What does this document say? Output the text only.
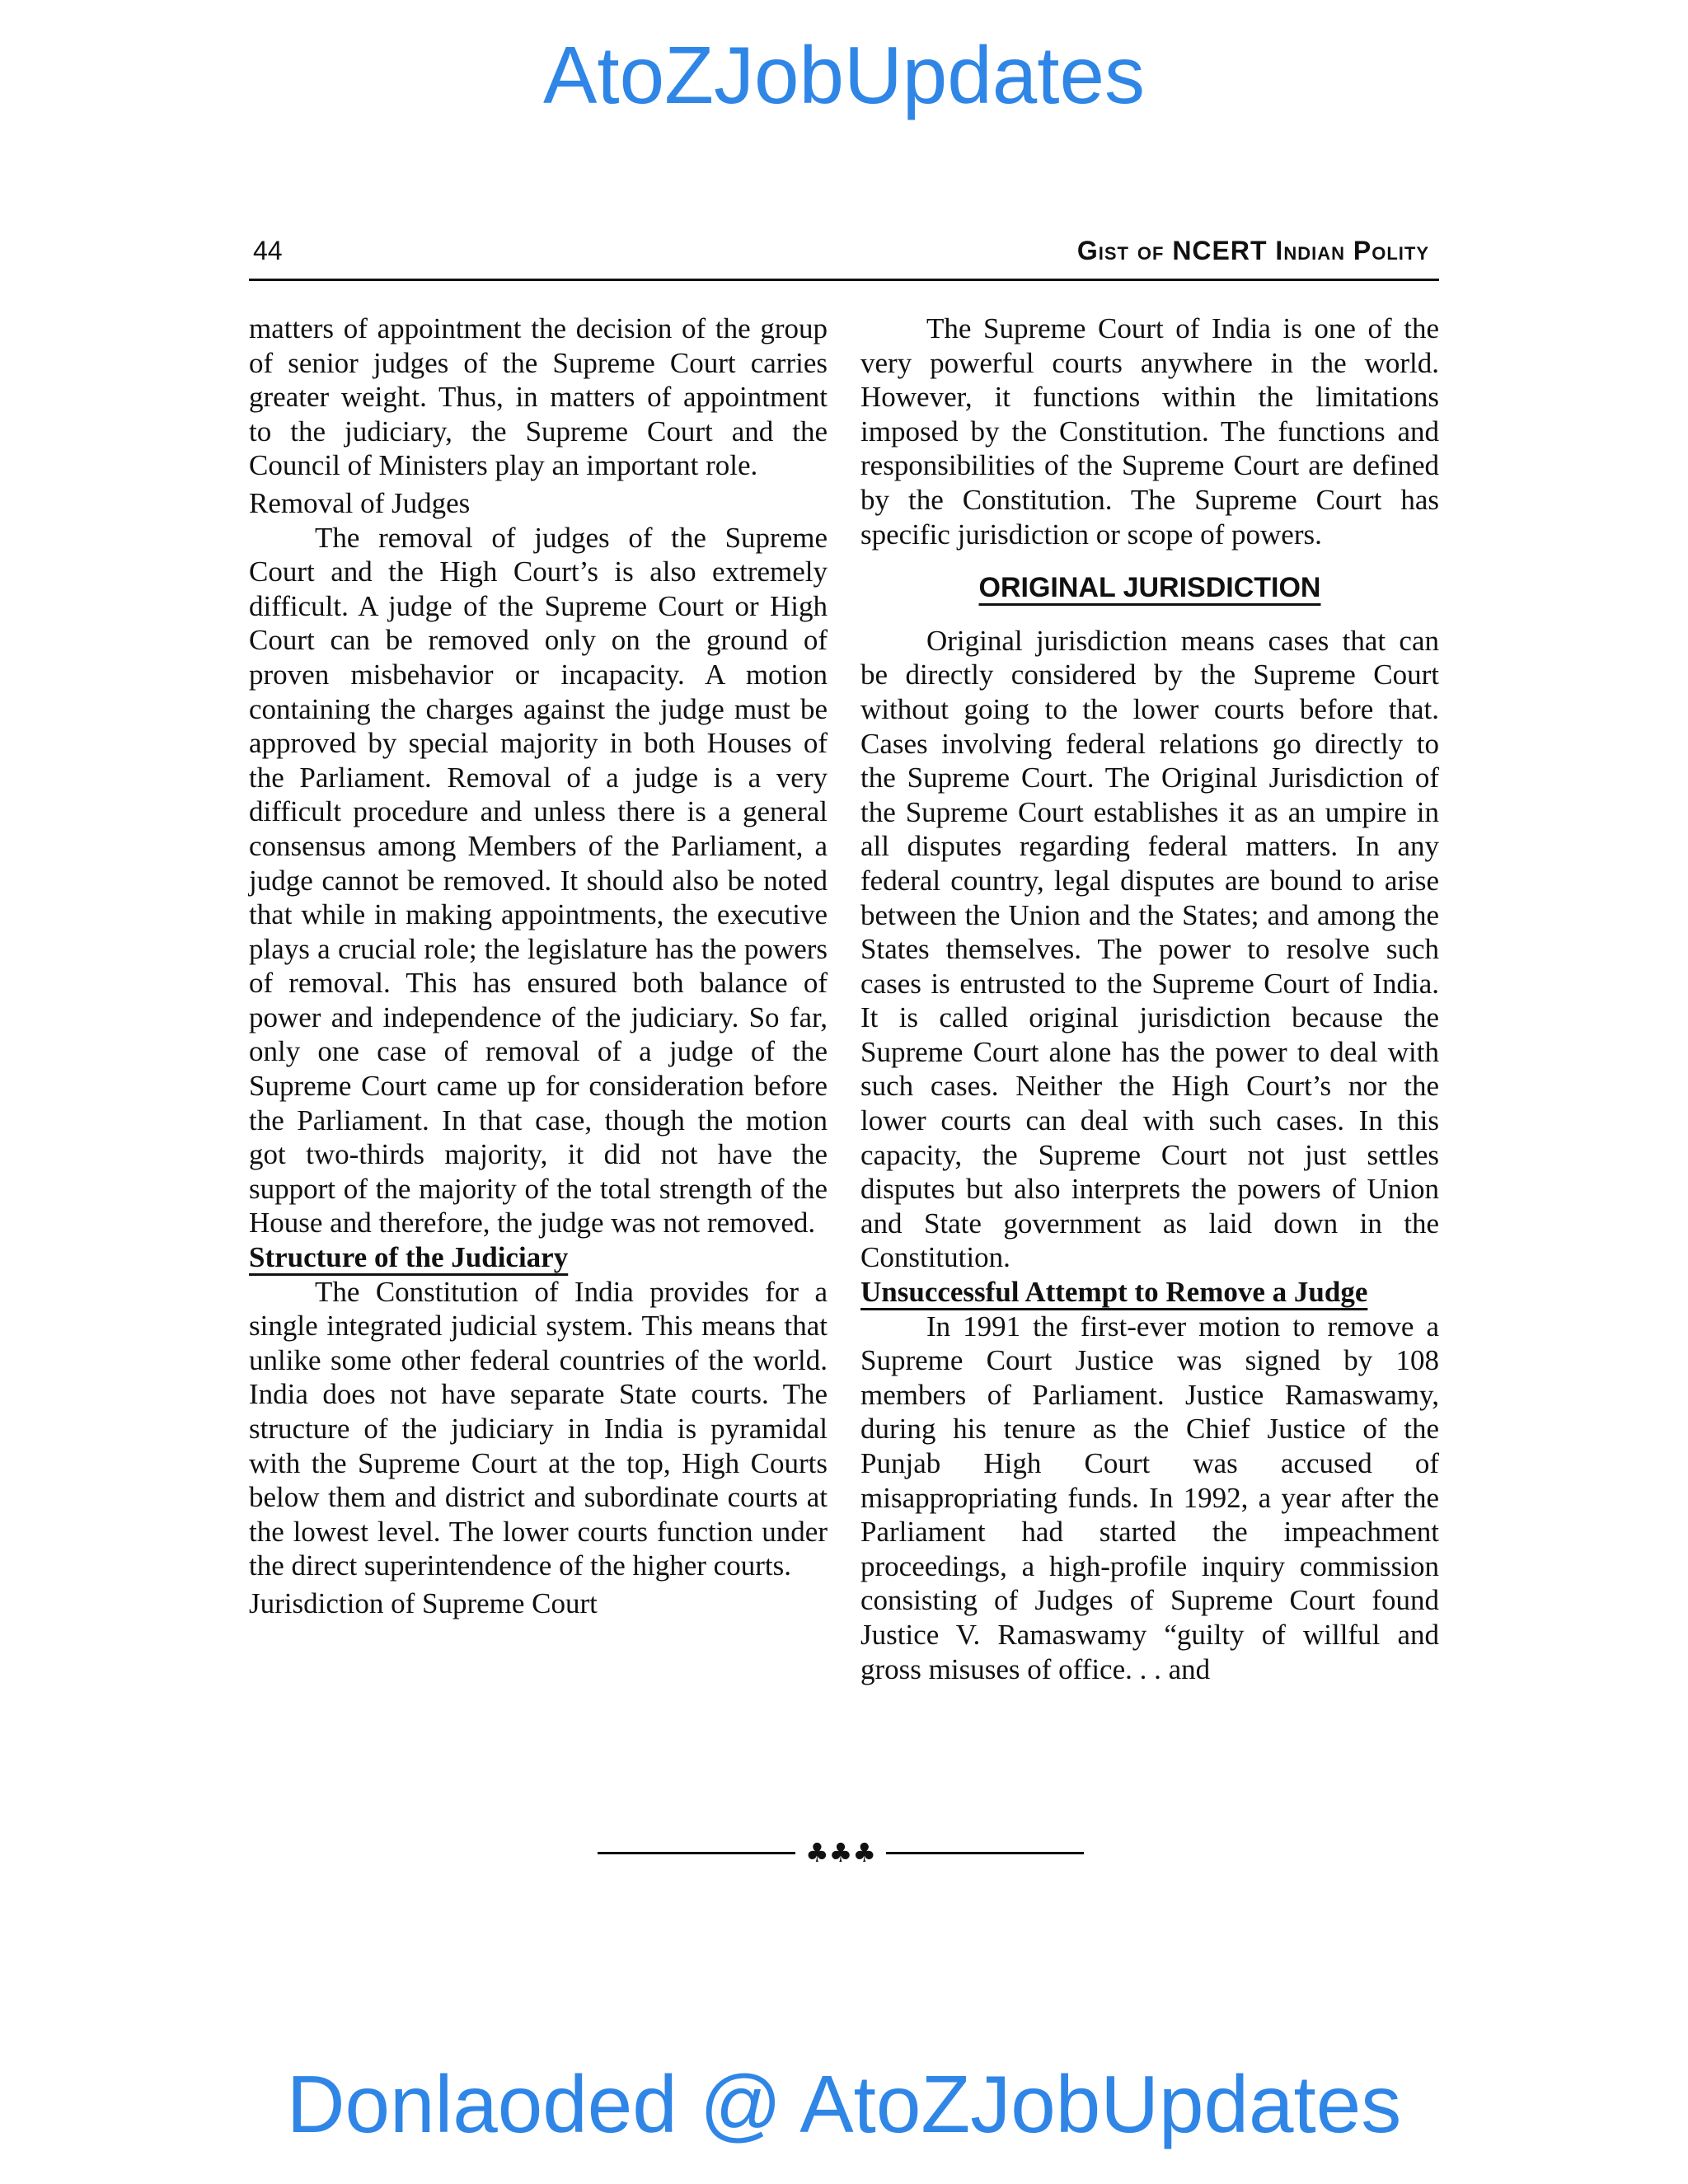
AtoZJobUpdates
44	Gist of NCERT Indian Polity

matters of appointment the decision of the group of senior judges of the Supreme Court carries greater weight. Thus, in matters of appointment to the judiciary, the Supreme Court and the Council of Ministers play an important role.

Removal of Judges

The removal of judges of the Supreme Court and the High Court’s is also extremely difficult. A judge of the Supreme Court or High Court can be removed only on the ground of proven misbehavior or incapacity. A motion containing the charges against the judge must be approved by special majority in both Houses of the Parliament. Removal of a judge is a very difficult procedure and unless there is a general consensus among Members of the Parliament, a judge cannot be removed. It should also be noted that while in making appointments, the executive plays a crucial role; the legislature has the powers of removal. This has ensured both balance of power and independence of the judiciary. So far, only one case of removal of a judge of the Supreme Court came up for consideration before the Parliament. In that case, though the motion got two-thirds majority, it did not have the support of the majority of the total strength of the House and therefore, the judge was not removed.

Structure of the Judiciary

The Constitution of India provides for a single integrated judicial system. This means that unlike some other federal countries of the world. India does not have separate State courts. The structure of the judiciary in India is pyramidal with the Supreme Court at the top, High Courts below them and district and subordinate courts at the lowest level. The lower courts function under the direct superintendence of the higher courts.

Jurisdiction of Supreme Court

The Supreme Court of India is one of the very powerful courts anywhere in the world. However, it functions within the limitations imposed by the Constitution. The functions and responsibilities of the Supreme Court are defined by the Constitution. The Supreme Court has specific jurisdiction or scope of powers.

ORIGINAL JURISDICTION

Original jurisdiction means cases that can be directly considered by the Supreme Court without going to the lower courts before that. Cases involving federal relations go directly to the Supreme Court. The Original Jurisdiction of the Supreme Court establishes it as an umpire in all disputes regarding federal matters. In any federal country, legal disputes are bound to arise between the Union and the States; and among the States themselves. The power to resolve such cases is entrusted to the Supreme Court of India. It is called original jurisdiction because the Supreme Court alone has the power to deal with such cases. Neither the High Court’s nor the lower courts can deal with such cases. In this capacity, the Supreme Court not just settles disputes but also interprets the powers of Union and State government as laid down in the Constitution.

Unsuccessful Attempt to Remove a Judge

In 1991 the first-ever motion to remove a Supreme Court Justice was signed by 108 members of Parliament. Justice Ramaswamy, during his tenure as the Chief Justice of the Punjab High Court was accused of misappropriating funds. In 1992, a year after the Parliament had started the impeachment proceedings, a high-profile inquiry commission consisting of Judges of Supreme Court found Justice V. Ramaswamy “guilty of willful and gross misuses of office. . . and

♣♣♣
Donlaoded @ AtoZJobUpdates
